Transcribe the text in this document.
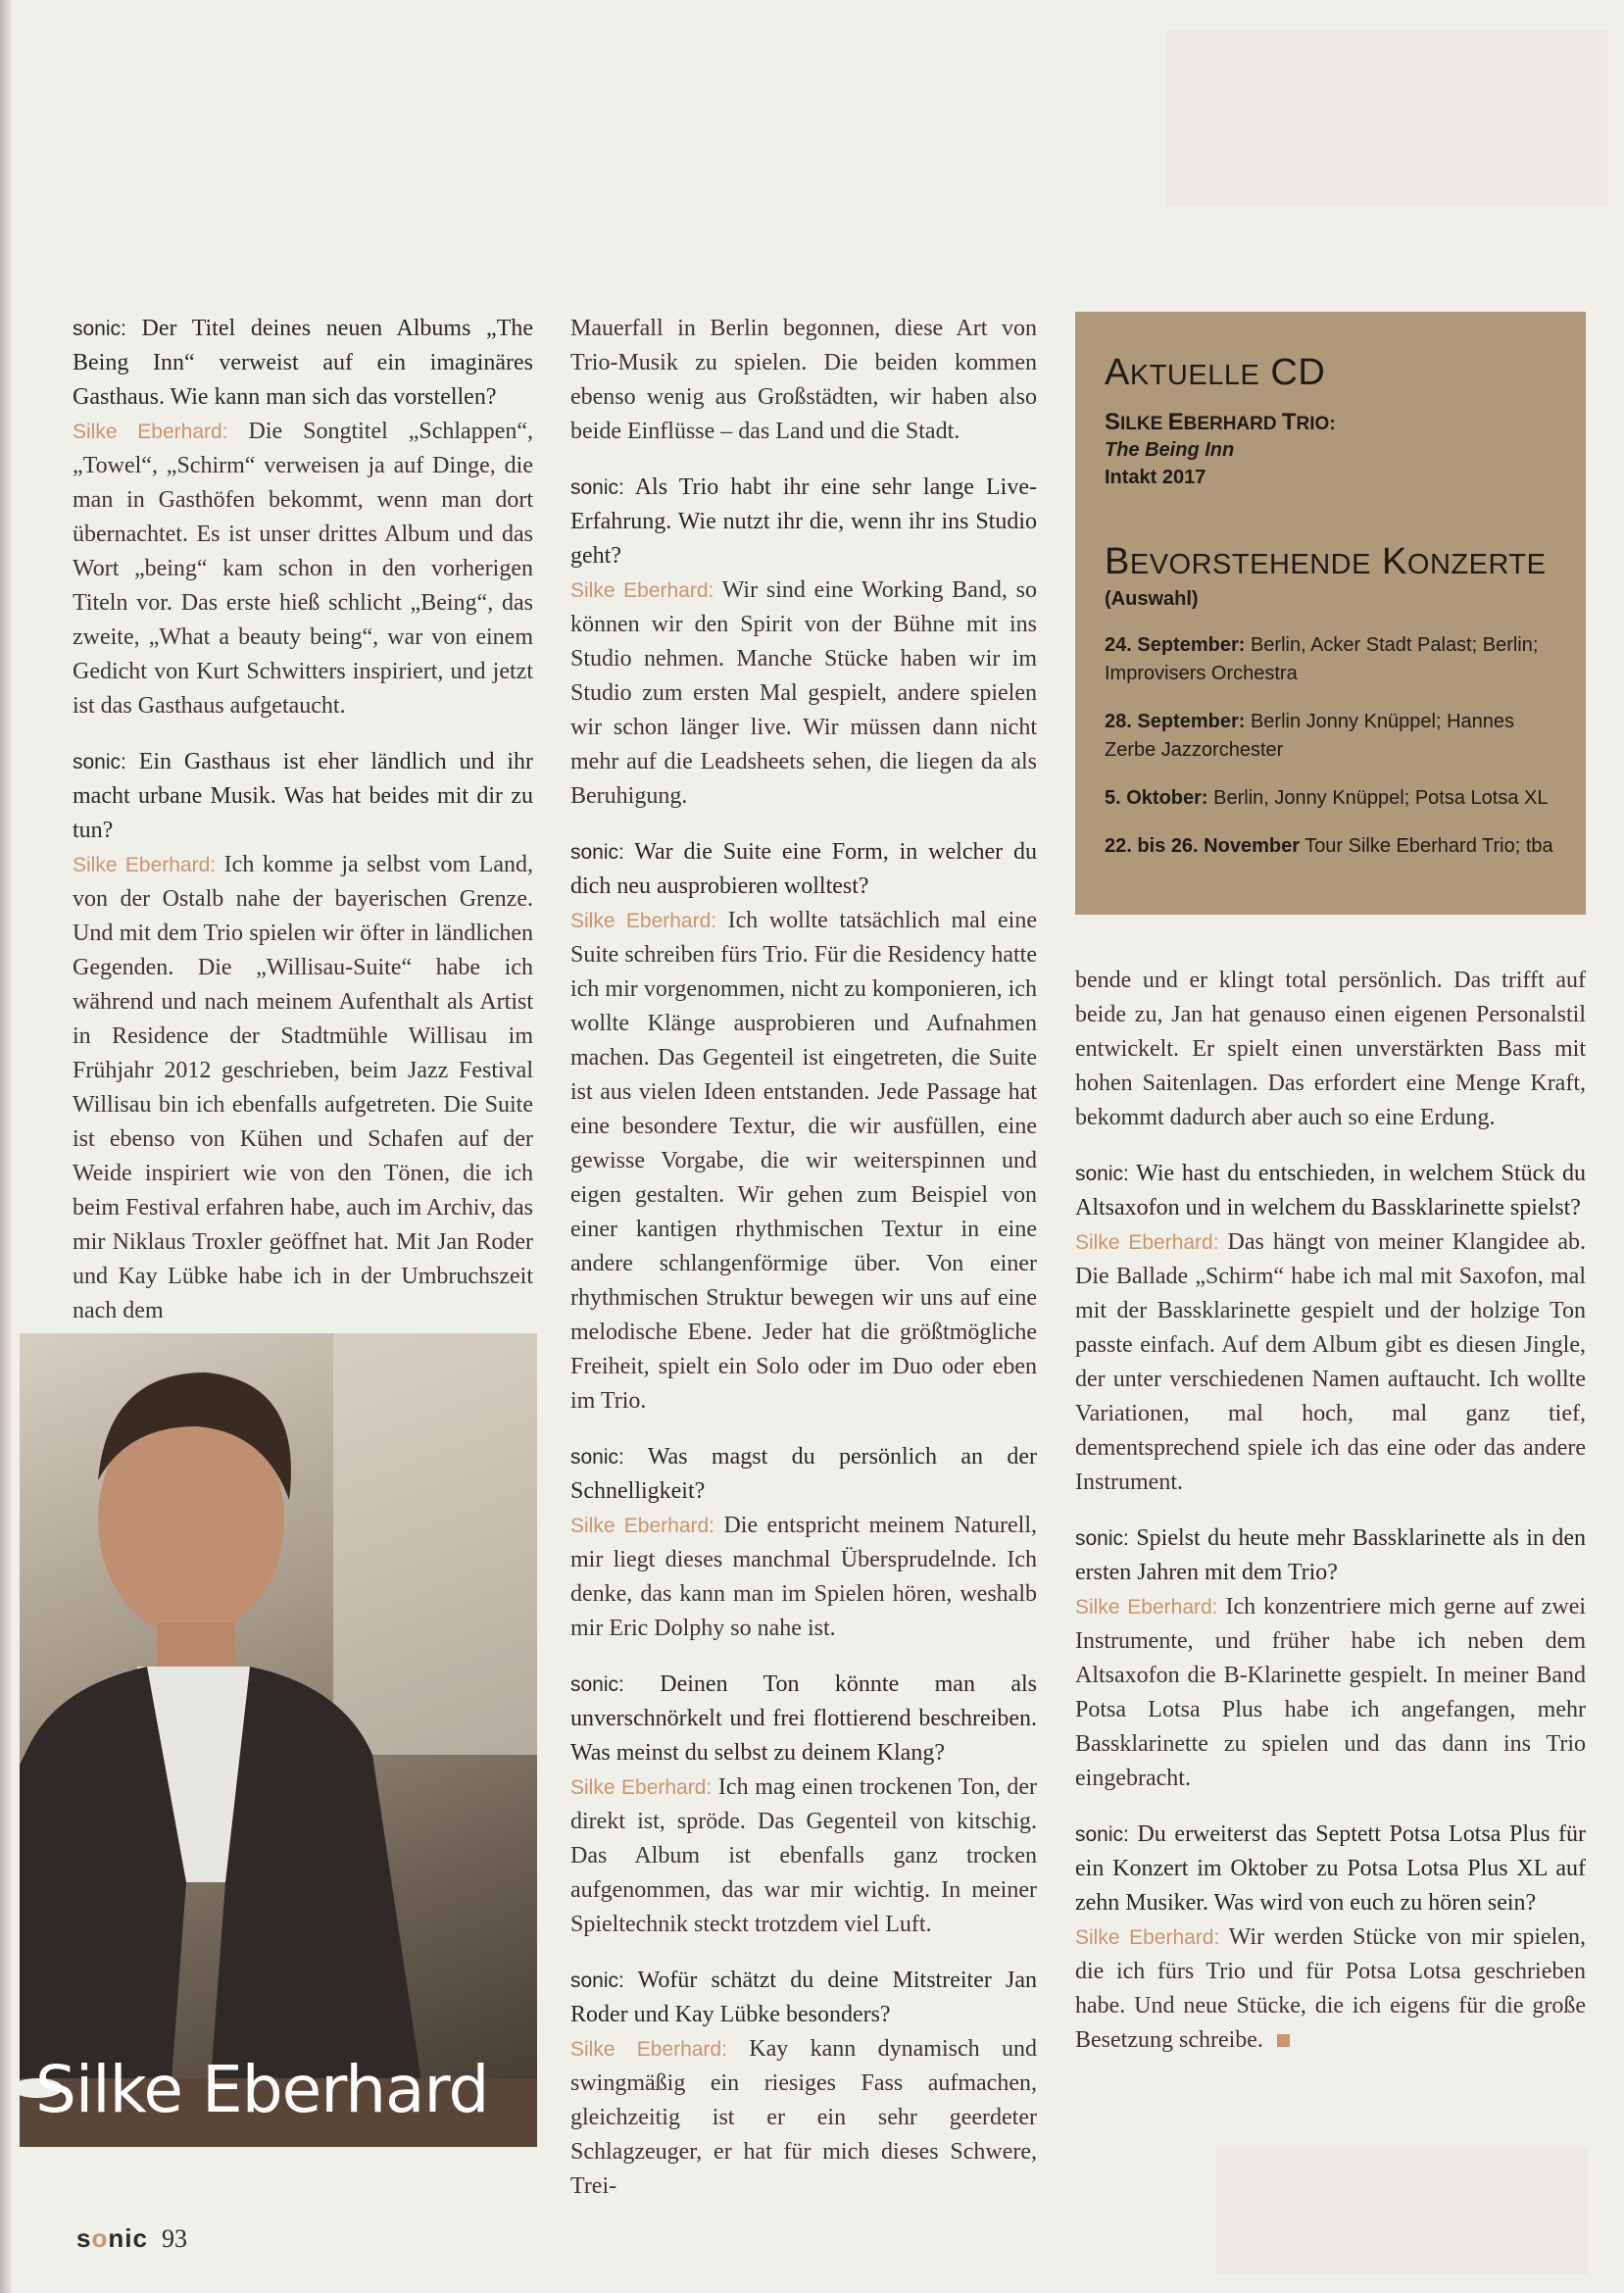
sonic: Der Titel deines neuen Albums „The Being Inn“ verweist auf ein imaginäres Gasthaus. Wie kann man sich das vorstellen?
Silke Eberhard: Die Songtitel „Schlappen“, „Towel“, „Schirm“ verweisen ja auf Dinge, die man in Gasthöfen bekommt, wenn man dort übernachtet. Es ist unser drittes Album und das Wort „being“ kam schon in den vorherigen Titeln vor. Das erste hieß schlicht „Being“, das zweite, „What a beauty being“, war von einem Gedicht von Kurt Schwitters inspiriert, und jetzt ist das Gasthaus aufgetaucht.

sonic: Ein Gasthaus ist eher ländlich und ihr macht urbane Musik. Was hat beides mit dir zu tun?
Silke Eberhard: Ich komme ja selbst vom Land, von der Ostalb nahe der bayerischen Grenze. Und mit dem Trio spielen wir öfter in ländlichen Gegenden. Die „Willisau-Suite“ habe ich während und nach meinem Aufenthalt als Artist in Residence der Stadtmühle Willisau im Frühjahr 2012 geschrieben, beim Jazz Festival Willisau bin ich ebenfalls aufgetreten. Die Suite ist ebenso von Kühen und Schafen auf der Weide inspiriert wie von den Tönen, die ich beim Festival erfahren habe, auch im Archiv, das mir Niklaus Troxler geöffnet hat. Mit Jan Roder und Kay Lübke habe ich in der Umbruchszeit nach dem

Mauerfall in Berlin begonnen, diese Art von Trio-Musik zu spielen. Die beiden kommen ebenso wenig aus Großstädten, wir haben also beide Einflüsse – das Land und die Stadt.

sonic: Als Trio habt ihr eine sehr lange Live-Erfahrung. Wie nutzt ihr die, wenn ihr ins Studio geht?
Silke Eberhard: Wir sind eine Working Band, so können wir den Spirit von der Bühne mit ins Studio nehmen. Manche Stücke haben wir im Studio zum ersten Mal gespielt, andere spielen wir schon länger live. Wir müssen dann nicht mehr auf die Leadsheets sehen, die liegen da als Beruhigung.

sonic: War die Suite eine Form, in welcher du dich neu ausprobieren wolltest?
Silke Eberhard: Ich wollte tatsächlich mal eine Suite schreiben fürs Trio. Für die Residency hatte ich mir vorgenommen, nicht zu komponieren, ich wollte Klänge ausprobieren und Aufnahmen machen. Das Gegenteil ist eingetreten, die Suite ist aus vielen Ideen entstanden. Jede Passage hat eine besondere Textur, die wir ausfüllen, eine gewisse Vorgabe, die wir weiterspinnen und eigen gestalten. Wir gehen zum Beispiel von einer kantigen rhythmischen Textur in eine andere schlangenförmige über. Von einer rhythmischen Struktur bewegen wir uns auf eine melodische Ebene. Jeder hat die größtmögliche Freiheit, spielt ein Solo oder im Duo oder eben im Trio.

sonic: Was magst du persönlich an der Schnelligkeit?
Silke Eberhard: Die entspricht meinem Naturell, mir liegt dieses manchmal Übersprudelnde. Ich denke, das kann man im Spielen hören, weshalb mir Eric Dolphy so nahe ist.

sonic: Deinen Ton könnte man als unverschnörkelt und frei flottierend beschreiben. Was meinst du selbst zu deinem Klang?
Silke Eberhard: Ich mag einen trockenen Ton, der direkt ist, spröde. Das Gegenteil von kitschig. Das Album ist ebenfalls ganz trocken aufgenommen, das war mir wichtig. In meiner Spieltechnik steckt trotzdem viel Luft.

sonic: Wofür schätzt du deine Mitstreiter Jan Roder und Kay Lübke besonders?
Silke Eberhard: Kay kann dynamisch und swingmäßig ein riesiges Fass aufmachen, gleichzeitig ist er ein sehr geerdeter Schlagzeuger, er hat für mich dieses Schwere, Trei-

bende und er klingt total persönlich. Das trifft auf beide zu, Jan hat genauso einen eigenen Personalstil entwickelt. Er spielt einen unverstärkten Bass mit hohen Saitenlagen. Das erfordert eine Menge Kraft, bekommt dadurch aber auch so eine Erdung.

sonic: Wie hast du entschieden, in welchem Stück du Altsaxofon und in welchem du Bassklarinette spielst?
Silke Eberhard: Das hängt von meiner Klangidee ab. Die Ballade „Schirm“ habe ich mal mit Saxofon, mal mit der Bassklarinette gespielt und der holzige Ton passte einfach. Auf dem Album gibt es diesen Jingle, der unter verschiedenen Namen auftaucht. Ich wollte Variationen, mal hoch, mal ganz tief, dementsprechend spiele ich das eine oder das andere Instrument.

sonic: Spielst du heute mehr Bassklarinette als in den ersten Jahren mit dem Trio?
Silke Eberhard: Ich konzentriere mich gerne auf zwei Instrumente, und früher habe ich neben dem Altsaxofon die B-Klarinette gespielt. In meiner Band Potsa Lotsa Plus habe ich angefangen, mehr Bassklarinette zu spielen und das dann ins Trio eingebracht.

sonic: Du erweiterst das Septett Potsa Lotsa Plus für ein Konzert im Oktober zu Potsa Lotsa Plus XL auf zehn Musiker. Was wird von euch zu hören sein?
Silke Eberhard: Wir werden Stücke von mir spielen, die ich fürs Trio und für Potsa Lotsa geschrieben habe. Und neue Stücke, die ich eigens für die große Besetzung schreibe.

AKTUELLE CD
SILKE EBERHARD TRIO:
The Being Inn
Intakt 2017
BEVORSTEHENDE KONZERTE
(Auswahl)
24. September: Berlin, Acker Stadt Palast; Berlin; Improvisers Orchestra
28. September: Berlin Jonny Knüppel; Hannes Zerbe Jazzorchester
5. Oktober: Berlin, Jonny Knüppel; Potsa Lotsa XL
22. bis 26. November Tour Silke Eberhard Trio; tba
Silke Eberhard
sonic 93
